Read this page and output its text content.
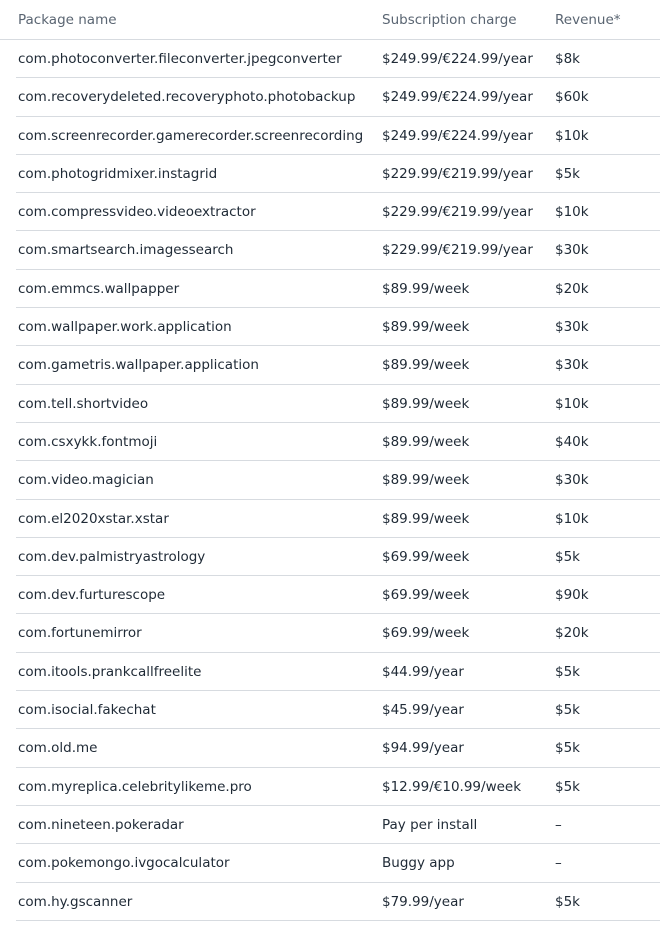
Package name	Subscription charge	Revenue*
com.photoconverter.fileconverter.jpegconverter	$249.99/€224.99/year $8k
com.recoverydeleted.recoveryphoto.photobackup $249.99/€224.99/year $60k
com.screenrecorder.gamerecorder.screenrecording $249.99/€224.99/year $10k
com.photogridmixer.instagrid	$229.99/€219.99/year $5k
com.compressvideo.videoextractor	$229.99/€219.99/year $10k
com.smartsearch.imagessearch	$229.99/€219.99/year $30k
com.emmcs.wallpapper	$89.99/week	$20k
com.wallpaper.work.application	$89.99/week	$30k
com.gametris.wallpaper.application	$89.99/week	$30k
com.tell.shortvideo	$89.99/week	$10k
com.csxykk.fontmoji	$89.99/week	$40k
com.video.magician	$89.99/week	$30k
com.el2020xstar.xstar	$89.99/week	$10k
com.dev.palmistryastrology	$69.99/week	$5k
com.dev.furturescope	$69.99/week	$90k
com.fortunemirror	$69.99/week	$20k
com.itools.prankcallfreelite	$44.99/year	$5k
com.isocial.fakechat	$45.99/year	$5k
com.old.me	$94.99/year	$5k
com.myreplica.celebritylikeme.pro	$12.99/€10.99/week	$5k
com.nineteen.pokeradar	Pay per install	–
com.pokemongo.ivgocalculator	Buggy app	–
com.hy.gscanner	$79.99/year	$5k
